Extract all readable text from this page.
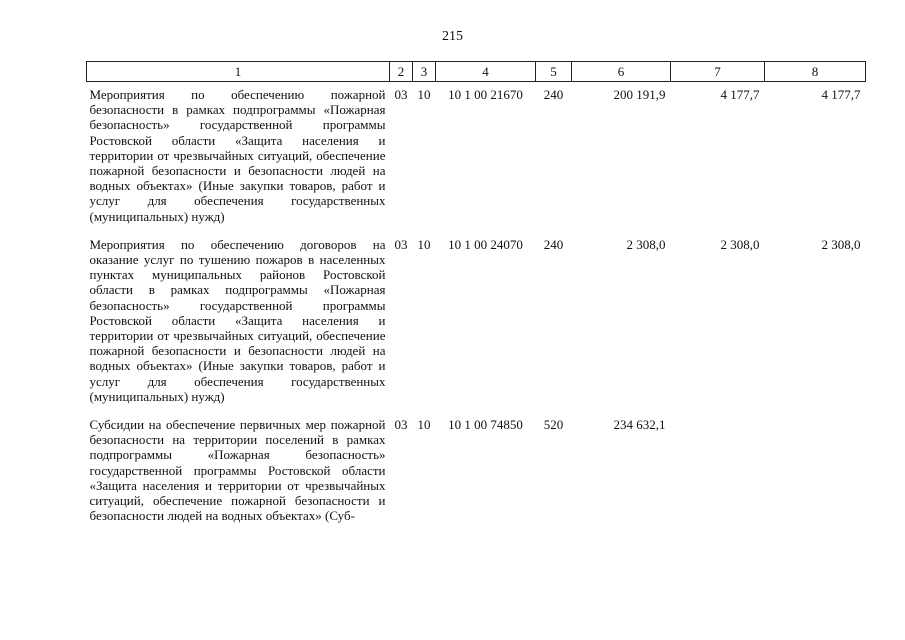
215
1	2	3	4	5	6	7	8
Мероприятия по обеспечению пожарной безопасности в рамках подпрограммы «Пожарная безопасность» государственной программы Ростовской области «Защита населения и территории от чрезвычайных ситуаций, обеспечение пожарной безопасности и безопасности людей на водных объектах» (Иные закупки товаров, работ и услуг для обеспечения государственных (муниципальных) нужд)	03	10	10 1 00 21670	240	200 191,9	4 177,7	4 177,7
Мероприятия по обеспечению договоров на оказание услуг по тушению пожаров в населенных пунктах муниципальных районов Ростовской области в рамках подпрограммы «Пожарная безопасность» государственной программы Ростовской области «Защита населения и территории от чрезвычайных ситуаций, обеспечение пожарной безопасности и безопасности людей на водных объектах» (Иные закупки товаров, работ и услуг для обеспечения государственных (муниципальных) нужд)	03	10	10 1 00 24070	240	2 308,0	2 308,0	2 308,0
Субсидии на обеспечение первичных мер пожарной безопасности на территории поселений в рамках подпрограммы «Пожарная безопасность» государственной программы Ростовской области «Защита населения и территории от чрезвычайных ситуаций, обеспечение пожарной безопасности и безопасности людей на водных объектах» (Суб-	03	10	10 1 00 74850	520	234 632,1		
